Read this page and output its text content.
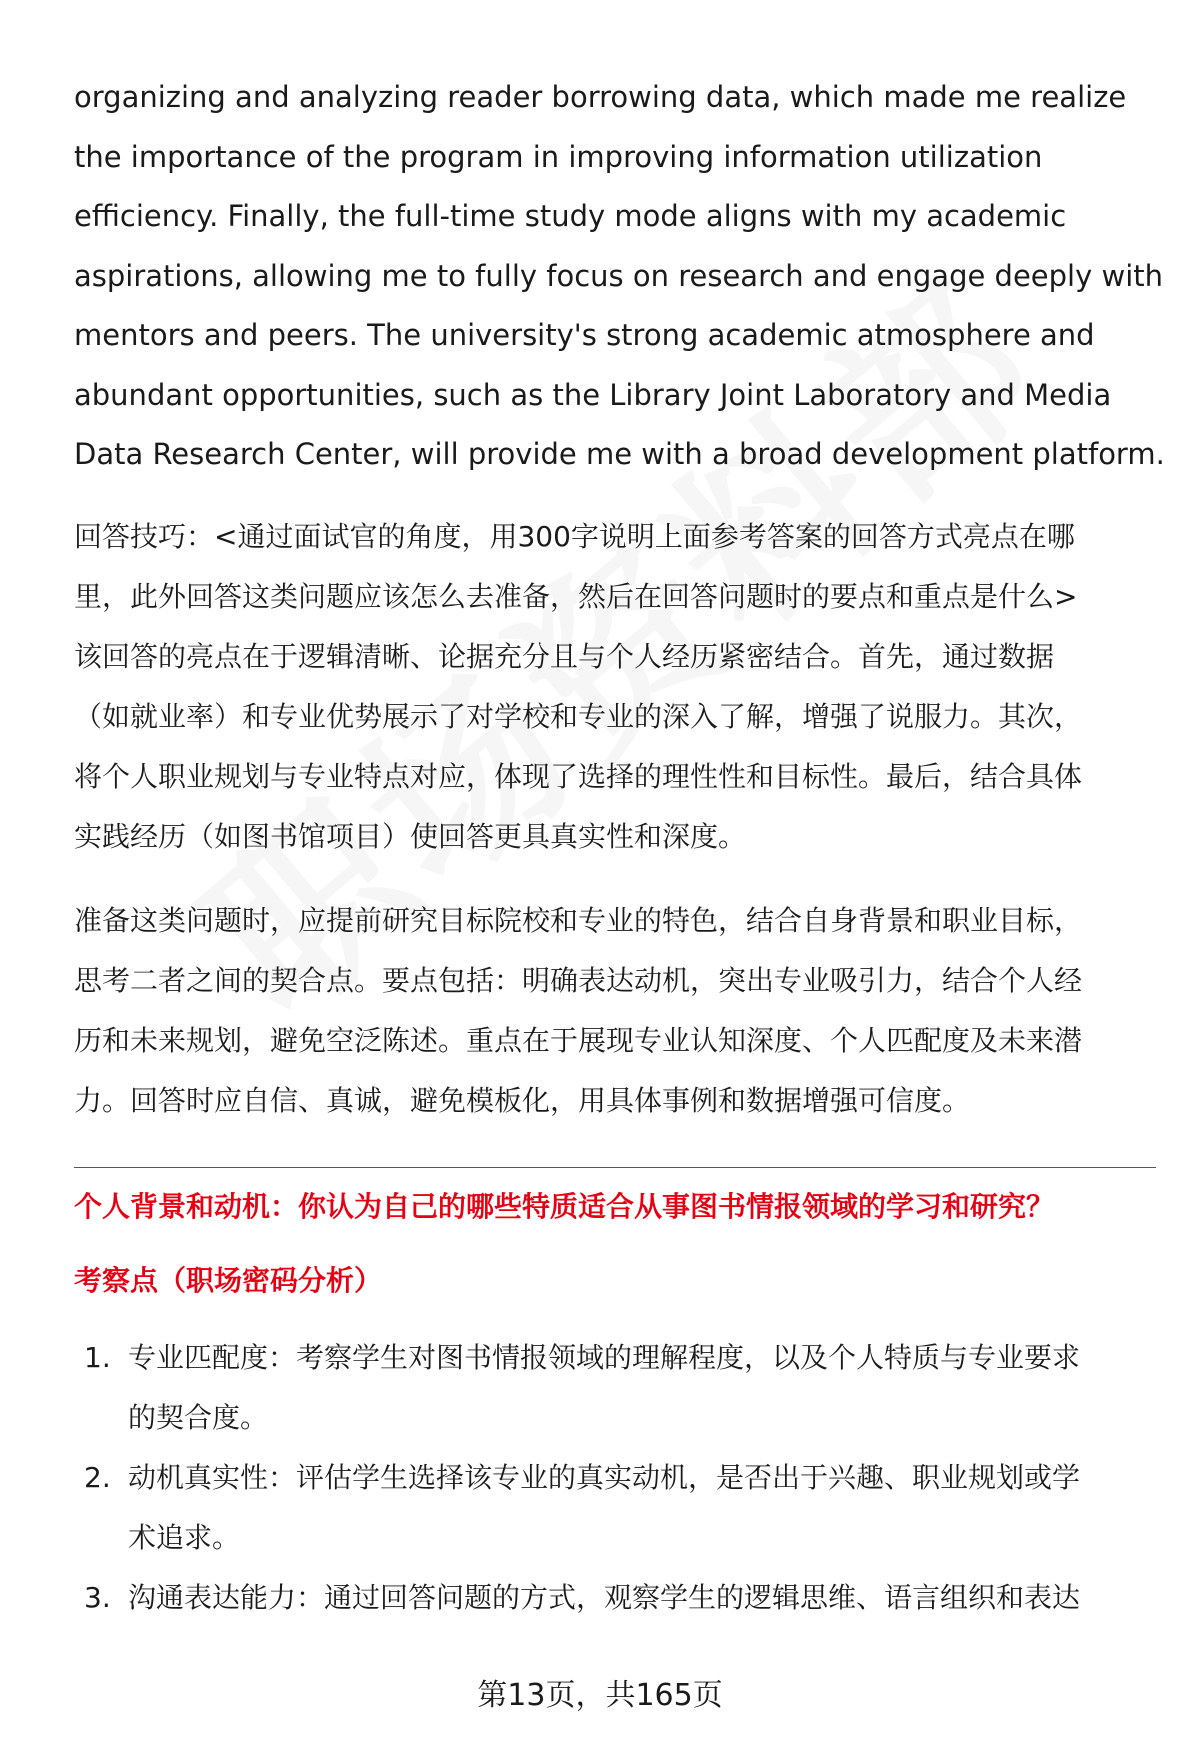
organizing and analyzing reader borrowing data, which made me realize
the importance of the program in improving information utilization
efficiency. Finally, the full-time study mode aligns with my academic
aspirations, allowing me to fully focus on research and engage deeply with
mentors and peers. The university's strong academic atmosphere and
abundant opportunities, such as the Library Joint Laboratory and Media
Data Research Center, will provide me with a broad development platform.
回答技巧：<通过面试官的角度，用300字说明上面参考答案的回答方式亮点在哪
里，此外回答这类问题应该怎么去准备，然后在回答问题时的要点和重点是什么>
该回答的亮点在于逻辑清晰、论据充分且与个人经历紧密结合。首先，通过数据
（如就业率）和专业优势展示了对学校和专业的深入了解，增强了说服力。其次，
将个人职业规划与专业特点对应，体现了选择的理性性和目标性。最后，结合具体
实践经历（如图书馆项目）使回答更具真实性和深度。
准备这类问题时，应提前研究目标院校和专业的特色，结合自身背景和职业目标，
思考二者之间的契合点。要点包括：明确表达动机，突出专业吸引力，结合个人经
历和未来规划，避免空泛陈述。重点在于展现专业认知深度、个人匹配度及未来潜
力。回答时应自信、真诚，避免模板化，用具体事例和数据增强可信度。
个人背景和动机：你认为自己的哪些特质适合从事图书情报领域的学习和研究？
考察点（职场密码分析）
1. 专业匹配度：考察学生对图书情报领域的理解程度，以及个人特质与专业要求
的契合度。
2. 动机真实性：评估学生选择该专业的真实动机，是否出于兴趣、职业规划或学
术追求。
3. 沟通表达能力：通过回答问题的方式，观察学生的逻辑思维、语言组织和表达
第13页，共165页
